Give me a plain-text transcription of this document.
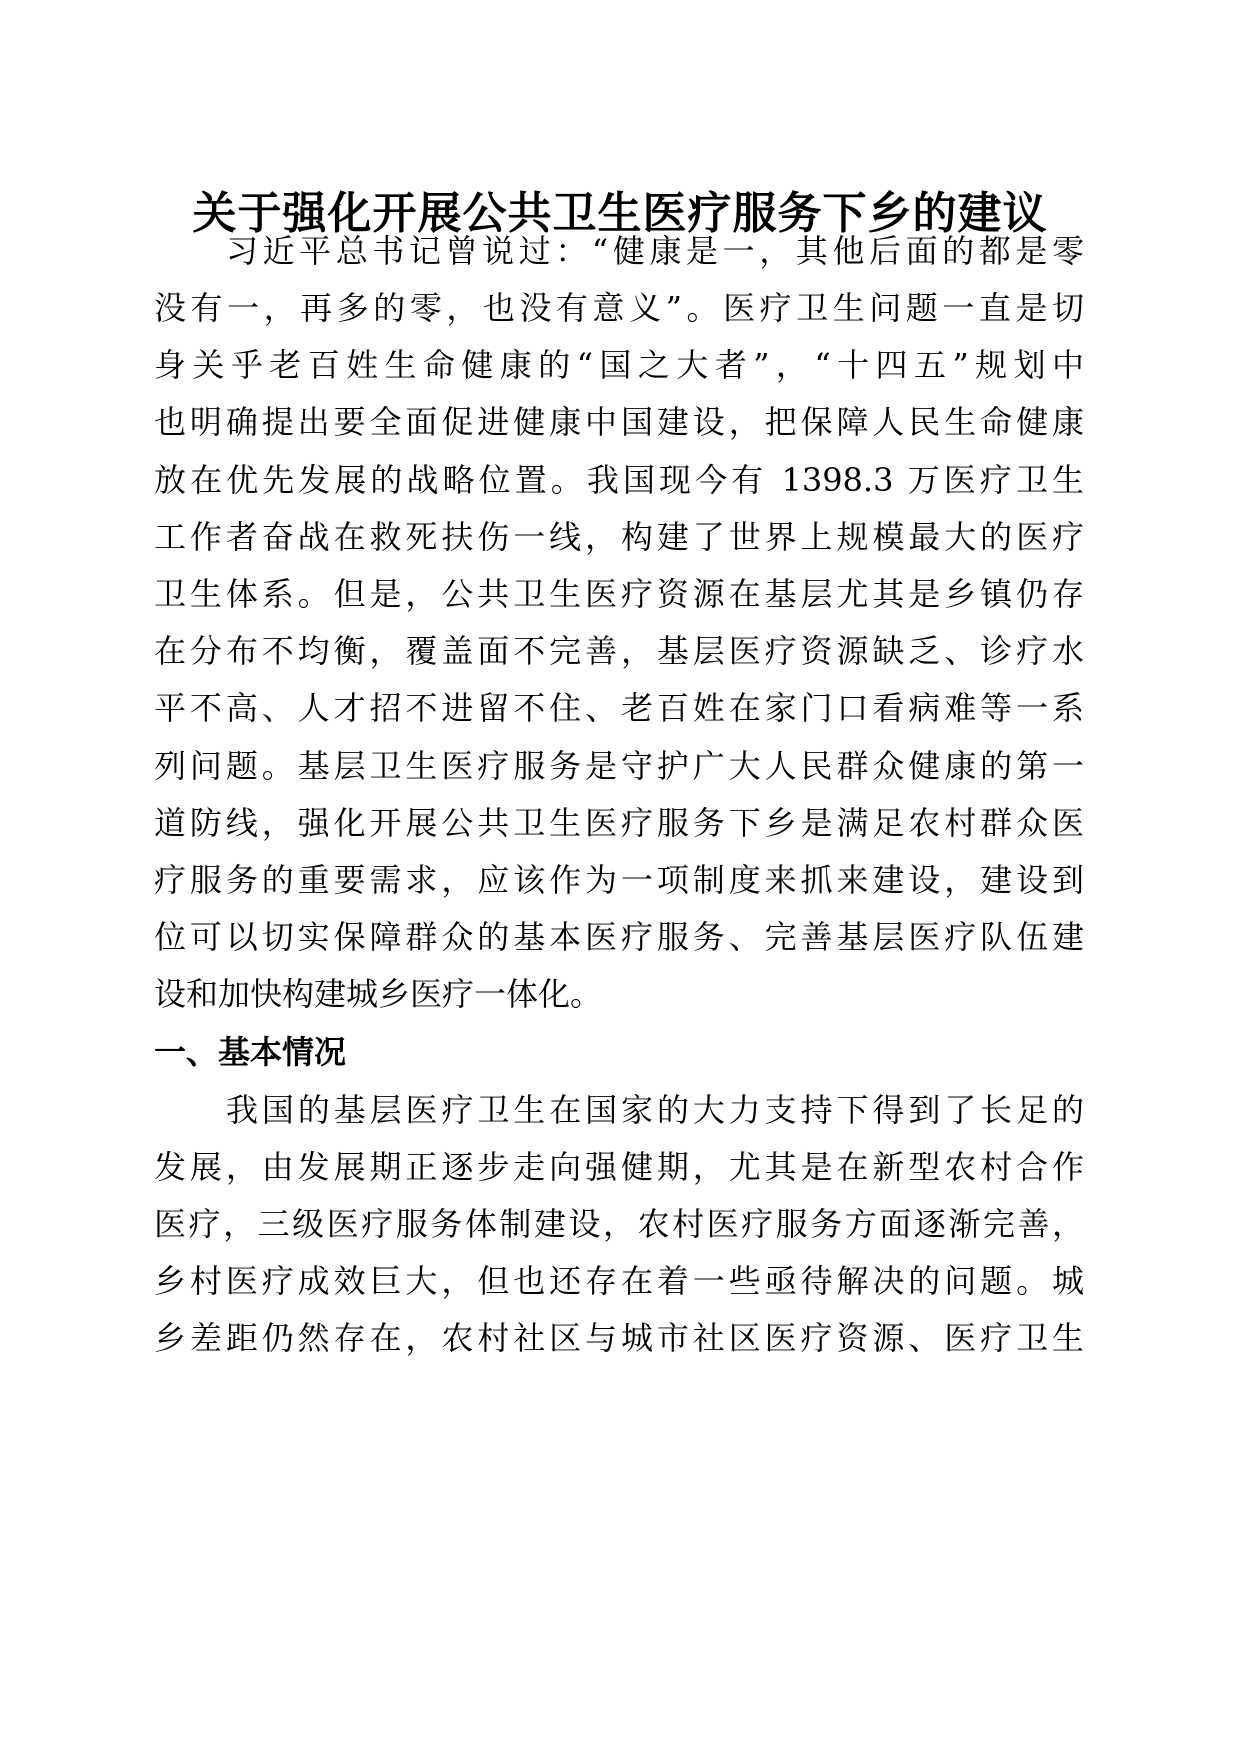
关于强化开展公共卫生医疗服务下乡的建议
习近平总书记曾说过：“健康是一，其他后面的都是零
没有一，再多的零，也没有意义”。医疗卫生问题一直是切
身关乎老百姓生命健康的“国之大者”，“十四五”规划中
也明确提出要全面促进健康中国建设，把保障人民生命健康
放在优先发展的战略位置。我国现今有 1398.3 万医疗卫生
工作者奋战在救死扶伤一线，构建了世界上规模最大的医疗
卫生体系。但是，公共卫生医疗资源在基层尤其是乡镇仍存
在分布不均衡，覆盖面不完善，基层医疗资源缺乏、诊疗水
平不高、人才招不进留不住、老百姓在家门口看病难等一系
列问题。基层卫生医疗服务是守护广大人民群众健康的第一
道防线，强化开展公共卫生医疗服务下乡是满足农村群众医
疗服务的重要需求，应该作为一项制度来抓来建设，建设到
位可以切实保障群众的基本医疗服务、完善基层医疗队伍建
设和加快构建城乡医疗一体化。
一、基本情况
我国的基层医疗卫生在国家的大力支持下得到了长足的
发展，由发展期正逐步走向强健期，尤其是在新型农村合作
医疗，三级医疗服务体制建设，农村医疗服务方面逐渐完善，
乡村医疗成效巨大，但也还存在着一些亟待解决的问题。城
乡差距仍然存在，农村社区与城市社区医疗资源、医疗卫生
